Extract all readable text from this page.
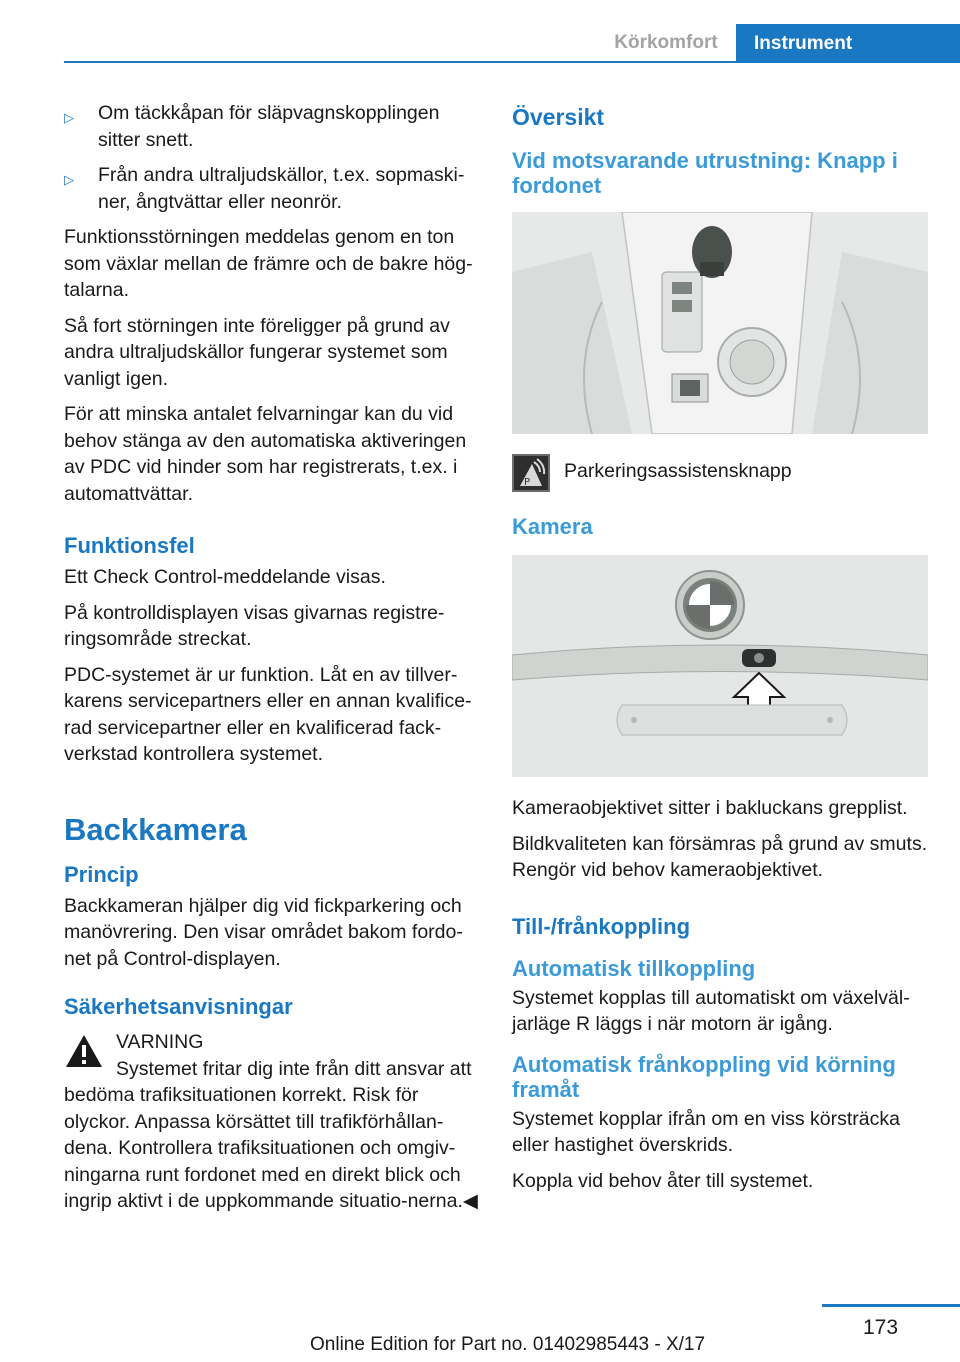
Körkomfort	Instrument
▷	Om täckkåpan för släpvagnskopplingen sitter snett.
▷	Från andra ultraljudskällor, t.ex. sopmaski-ner, ångtvättar eller neonrör.

Funktionsstörningen meddelas genom en ton som växlar mellan de främre och de bakre hög-talarna.

Så fort störningen inte föreligger på grund av andra ultraljudskällor fungerar systemet som vanligt igen.

För att minska antalet felvarningar kan du vid behov stänga av den automatiska aktiveringen av PDC vid hinder som har registrerats, t.ex. i automattvättar.

Funktionsfel

Ett Check Control-meddelande visas.

På kontrolldisplayen visas givarnas registre-ringsområde streckat.

PDC-systemet är ur funktion. Låt en av tillver-karens servicepartners eller en annan kvalifice-rad servicepartner eller en kvalificerad fack-verkstad kontrollera systemet.

Backkamera
Princip

Backkameran hjälper dig vid fickparkering och manövrering. Den visar området bakom fordo-net på Control-displayen.

Säkerhetsanvisningar
VARNING

Systemet fritar dig inte från ditt ansvar att bedöma trafiksituationen korrekt. Risk för olyckor. Anpassa körsättet till trafikförhållan-dena. Kontrollera trafiksituationen och omgiv-ningarna runt fordonet med en direkt blick och ingrip aktivt i de uppkommande situatio-nerna.◀

Översikt
Vid motsvarande utrustning: Knapp i fordonet
P
Parkeringsassistensknapp
Kamera

Kameraobjektivet sitter i bakluckans grepplist.

Bildkvaliteten kan försämras på grund av smuts. Rengör vid behov kameraobjektivet.

Till-/frånkoppling
Automatisk tillkoppling

Systemet kopplas till automatiskt om växelväl-jarläge R läggs i när motorn är igång.

Automatisk frånkoppling vid körning framåt

Systemet kopplar ifrån om en viss körsträcka eller hastighet överskrids.

Koppla vid behov åter till systemet.

173
Online Edition for Part no. 01402985443 - X/17
